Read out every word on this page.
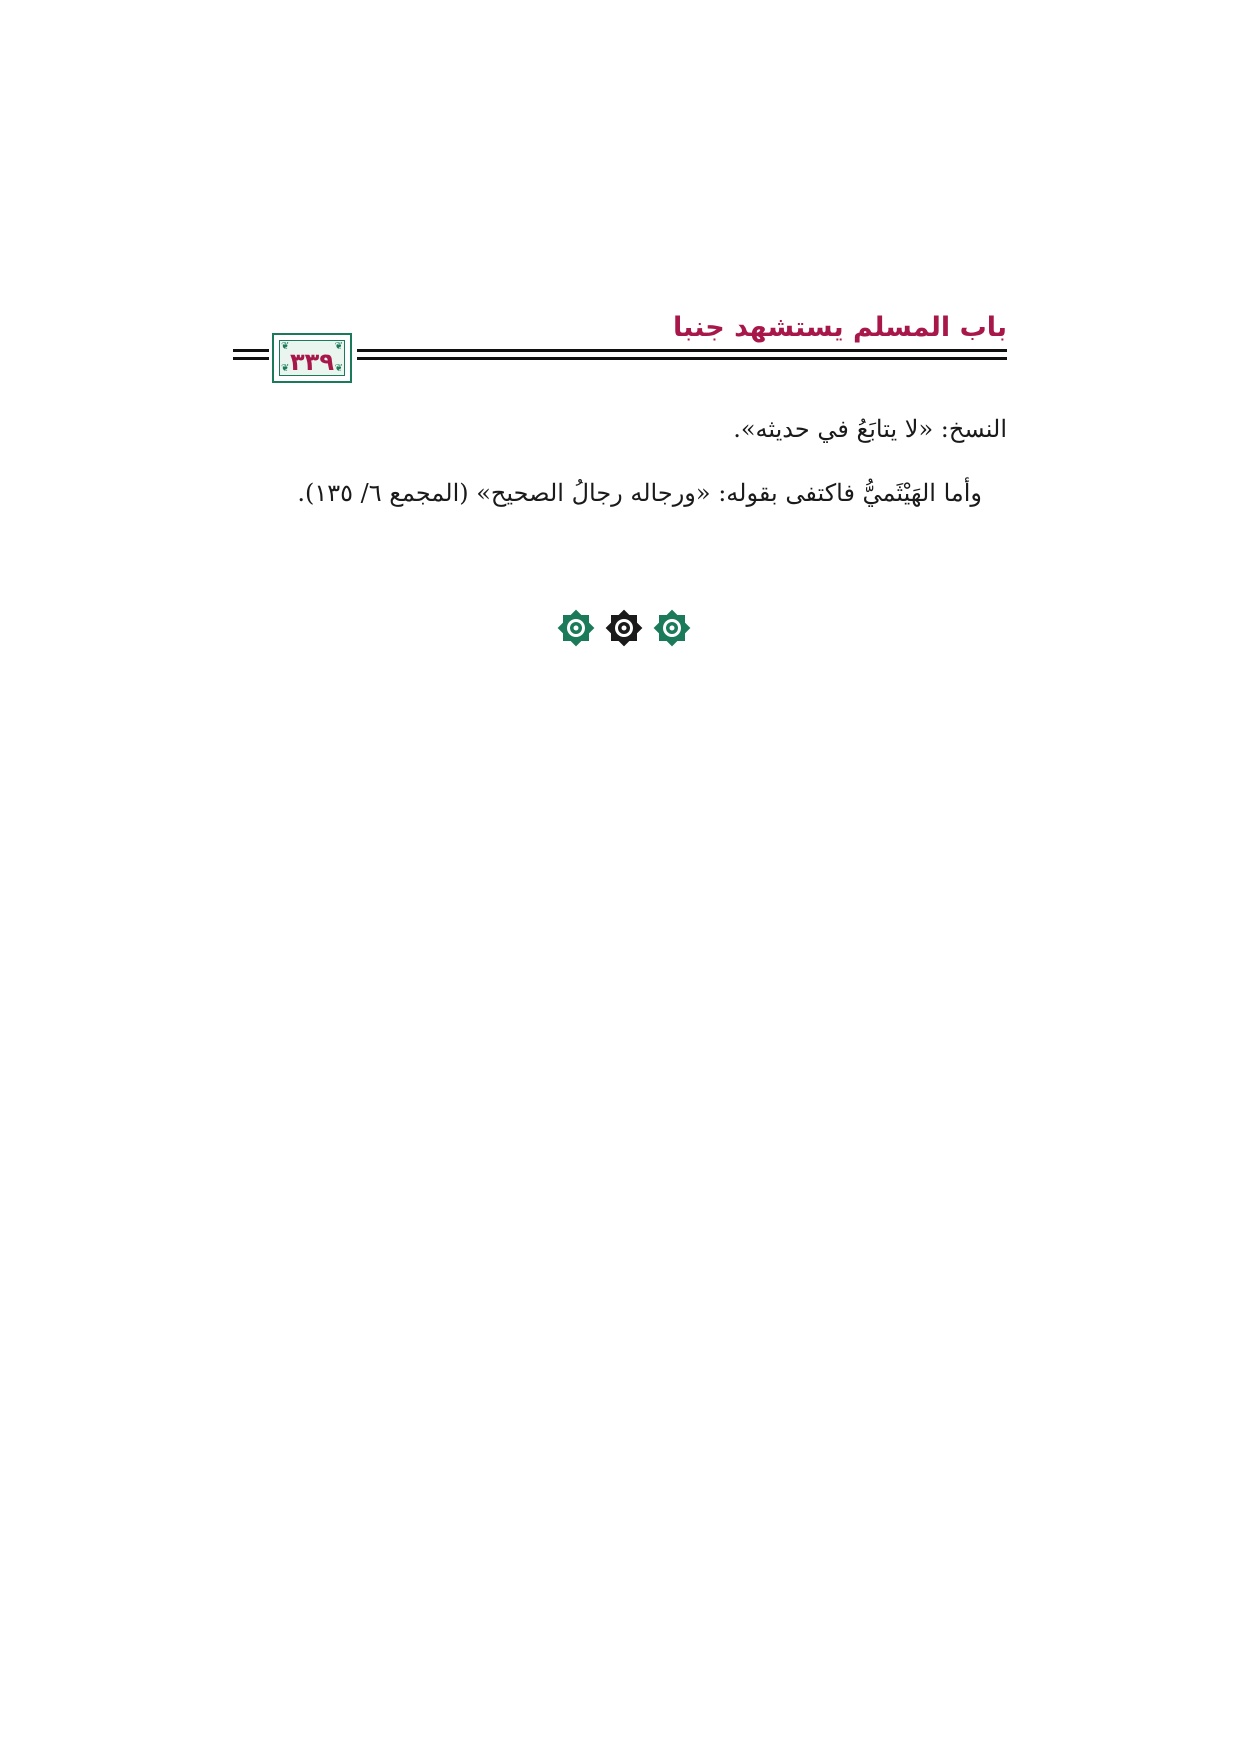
باب المسلم يستشهد جنبا
❦	❦
❦	❦
٣٣٩
النسخ: «لا يتابَعُ في حديثه».
وأما الهَيْثَميُّ فاكتفى بقوله: «ورجاله رجالُ الصحيح» (المجمع ٦/ ١٣٥).
